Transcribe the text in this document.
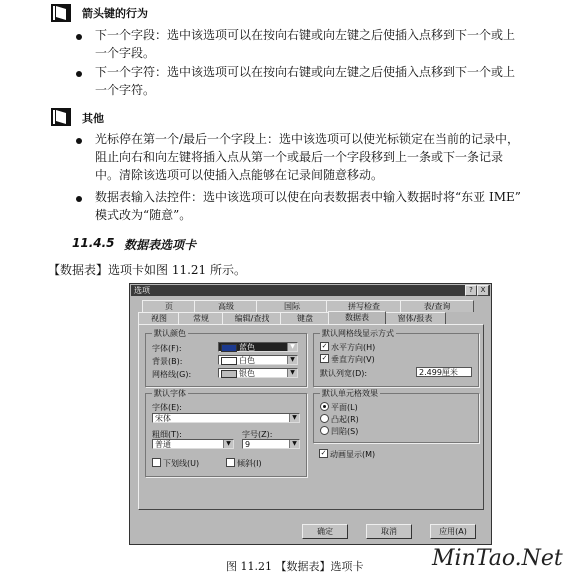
箭头键的行为
下一个字段：选中该选项可以在按向右键或向左键之后使插入点移到下一个或上
一个字段。
下一个字符：选中该选项可以在按向右键或向左键之后使插入点移到下一个或上
一个字符。
其他
光标停在第一个/最后一个字段上：选中该选项可以使光标锁定在当前的记录中，
阻止向右和向左键将插入点从第一个或最后一个字段移到上一条或下一条记录
中。清除该选项可以使插入点能够在记录间随意移动。
数据表输入法控件：选中该选项可以使在向表数据表中输入数据时将“东亚 IME”
模式改为“随意”。
11.4.5 数据表选项卡
【数据表】选项卡如图 11.21 所示。
选项	?	X
页	高级	国际	拼写检查	表/查询
视图	常规	编辑/查找	键盘	数据表	窗体/报表
默认颜色
字体(F):	蓝色	▼
背景(B):	白色	▼
网格线(G):	银色	▼
默认网格线显示方式
✓ 水平方向(H)
✓ 垂直方向(V)
默认列宽(D):	2.499厘米
默认字体
字体(E):
宋体	▼
粗细(T):
普通	▼
字号(Z):
9	▼
下划线(U)	倾斜(I)
默认单元格效果
平面(L)
凸起(R)
凹陷(S)
✓ 动画显示(M)
确定	取消	应用(A)
图 11.21 【数据表】选项卡	MinTao.Net
